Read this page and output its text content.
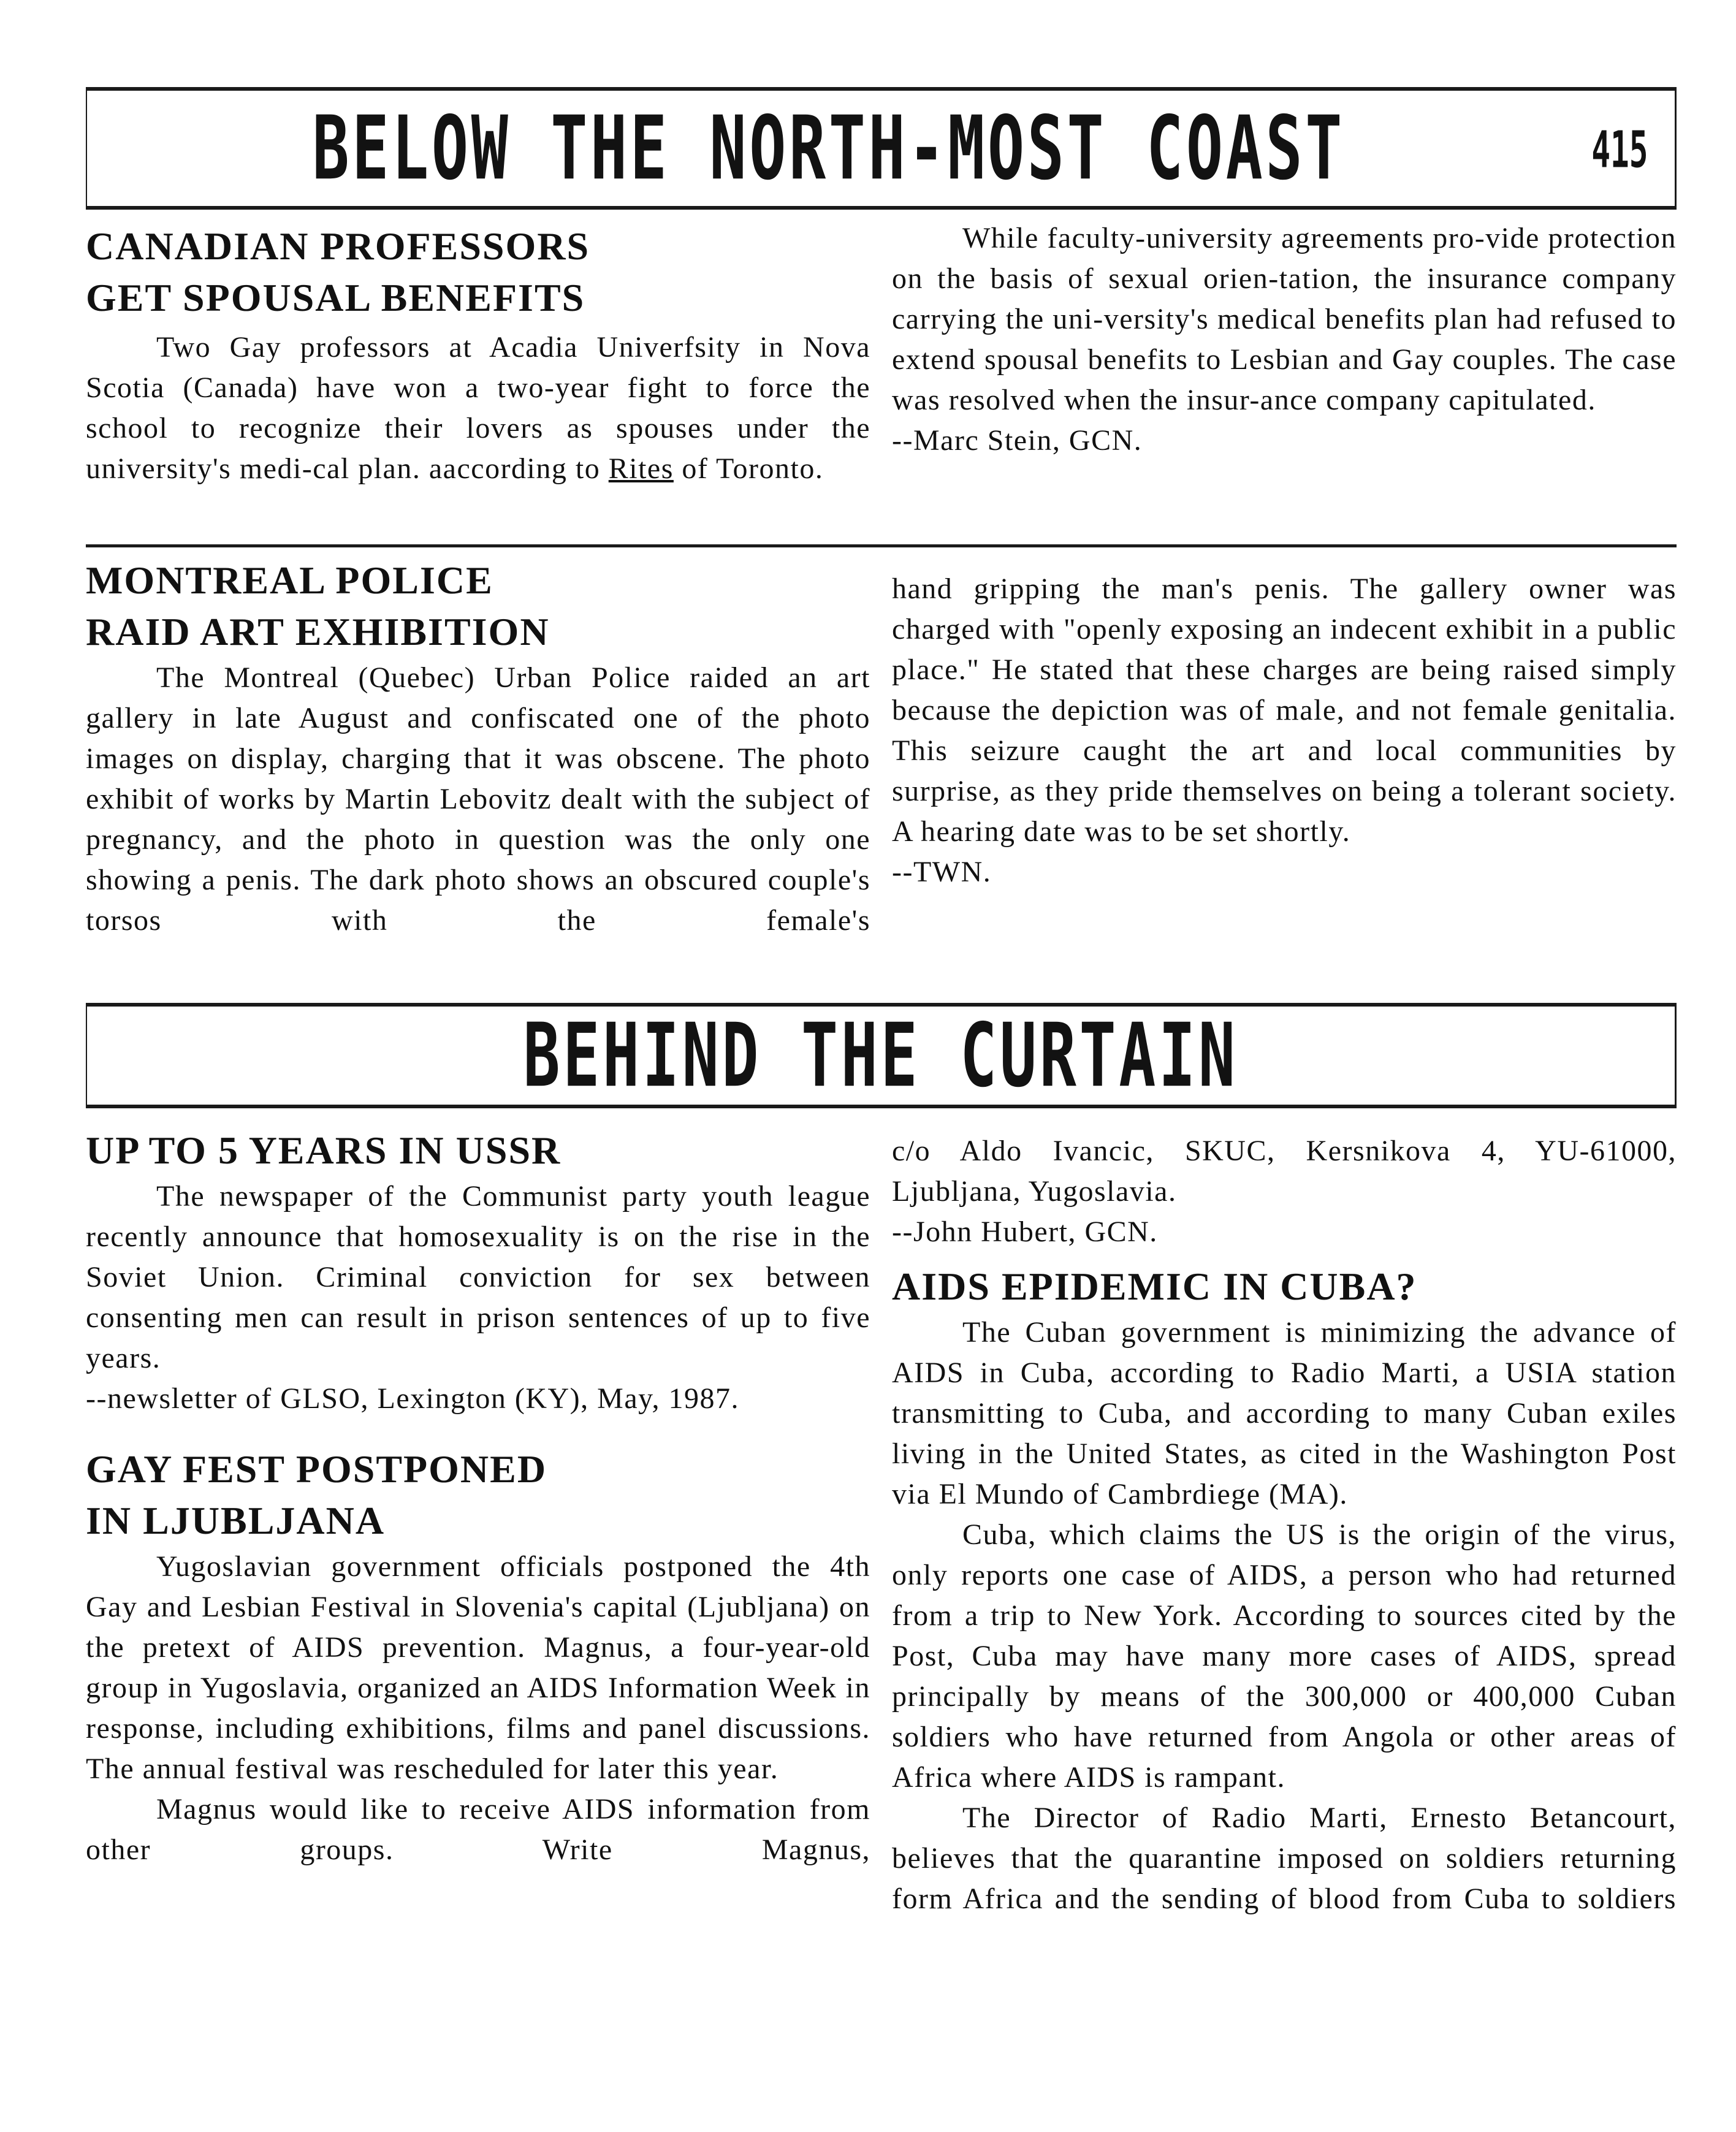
BELOW THE NORTH-MOST COAST	415
CANADIAN PROFESSORS
GET SPOUSAL BENEFITS
Two Gay professors at Acadia Univerfsity in Nova Scotia (Canada) have won a two-year fight to force the school to recognize their lovers as spouses under the university's medi-cal plan. aaccording to Rites of Toronto.
While faculty-university agreements pro-vide protection on the basis of sexual orien-tation, the insurance company carrying the uni-versity's medical benefits plan had refused to extend spousal benefits to Lesbian and Gay couples. The case was resolved when the insur-ance company capitulated.
--Marc Stein, GCN.
MONTREAL POLICE
RAID ART EXHIBITION
The Montreal (Quebec) Urban Police raided an art gallery in late August and confiscated one of the photo images on display, charging that it was obscene. The photo exhibit of works by Martin Lebovitz dealt with the subject of pregnancy, and the photo in question was the only one showing a penis. The dark photo shows an obscured couple's torsos with the female's
hand gripping the man's penis. The gallery owner was charged with "openly exposing an indecent exhibit in a public place." He stated that these charges are being raised simply because the depiction was of male, and not female genitalia. This seizure caught the art and local communities by surprise, as they pride themselves on being a tolerant society. A hearing date was to be set shortly.
--TWN.
BEHIND THE CURTAIN
UP TO 5 YEARS IN USSR
The newspaper of the Communist party youth league recently announce that homosexuality is on the rise in the Soviet Union. Criminal conviction for sex between consenting men can result in prison sentences of up to five years.
--newsletter of GLSO, Lexington (KY), May, 1987.
GAY FEST POSTPONED
IN LJUBLJANA
Yugoslavian government officials postponed the 4th Gay and Lesbian Festival in Slovenia's capital (Ljubljana) on the pretext of AIDS prevention. Magnus, a four-year-old group in Yugoslavia, organized an AIDS Information Week in response, including exhibitions, films and panel discussions. The annual festival was rescheduled for later this year.
Magnus would like to receive AIDS information from other groups. Write Magnus,
c/o Aldo Ivancic, SKUC, Kersnikova 4, YU-61000, Ljubljana, Yugoslavia.
--John Hubert, GCN.
AIDS EPIDEMIC IN CUBA?
The Cuban government is minimizing the advance of AIDS in Cuba, according to Radio Marti, a USIA station transmitting to Cuba, and according to many Cuban exiles living in the United States, as cited in the Washington Post via El Mundo of Cambrdiege (MA).
Cuba, which claims the US is the origin of the virus, only reports one case of AIDS, a person who had returned from a trip to New York. According to sources cited by the Post, Cuba may have many more cases of AIDS, spread principally by means of the 300,000 or 400,000 Cuban soldiers who have returned from Angola or other areas of Africa where AIDS is rampant.
The Director of Radio Marti, Ernesto Betancourt, believes that the quarantine imposed on soldiers returning form Africa and the sending of blood from Cuba to soldiers
